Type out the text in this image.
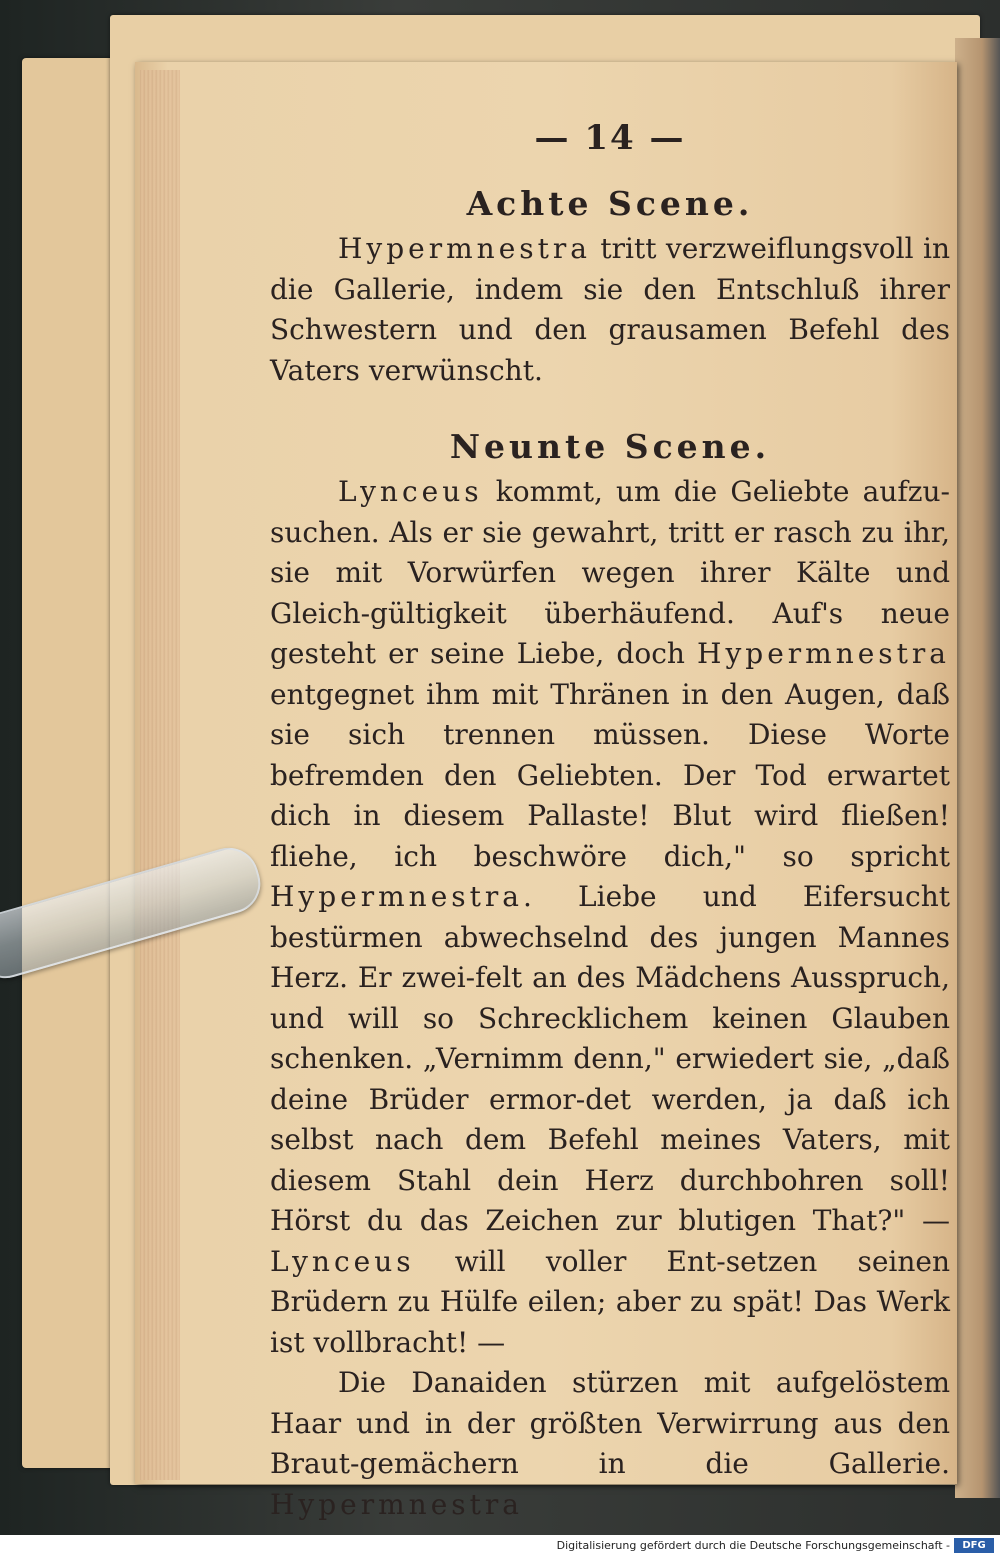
— 14 —
Achte Scene.

Hypermnestra tritt verzweiflungsvoll in die Gallerie, indem sie den Entschluß ihrer Schwestern und den grausamen Befehl des Vaters verwünscht.

Neunte Scene.

Lynceus kommt, um die Geliebte aufzu-suchen. Als er sie gewahrt, tritt er rasch zu ihr, sie mit Vorwürfen wegen ihrer Kälte und Gleich-gültigkeit überhäufend. Auf's neue gesteht er seine Liebe, doch Hypermnestra entgegnet ihm mit Thränen in den Augen, daß sie sich trennen müssen. Diese Worte befremden den Geliebten. Der Tod erwartet dich in diesem Pallaste! Blut wird fließen! fliehe, ich beschwöre dich," so spricht Hypermnestra. Liebe und Eifersucht bestürmen abwechselnd des jungen Mannes Herz. Er zwei-felt an des Mädchens Ausspruch, und will so Schrecklichem keinen Glauben schenken. „Vernimm denn," erwiedert sie, „daß deine Brüder ermor-det werden, ja daß ich selbst nach dem Befehl meines Vaters, mit diesem Stahl dein Herz durchbohren soll! Hörst du das Zeichen zur blutigen That?" — Lynceus will voller Ent-setzen seinen Brüdern zu Hülfe eilen; aber zu spät! Das Werk ist vollbracht! —

Die Danaiden stürzen mit aufgelöstem Haar und in der größten Verwirrung aus den Braut-gemächern in die Gallerie. Hypermnestra

Digitalisierung gefördert durch die Deutsche Forschungsgemeinschaft -	DFG
